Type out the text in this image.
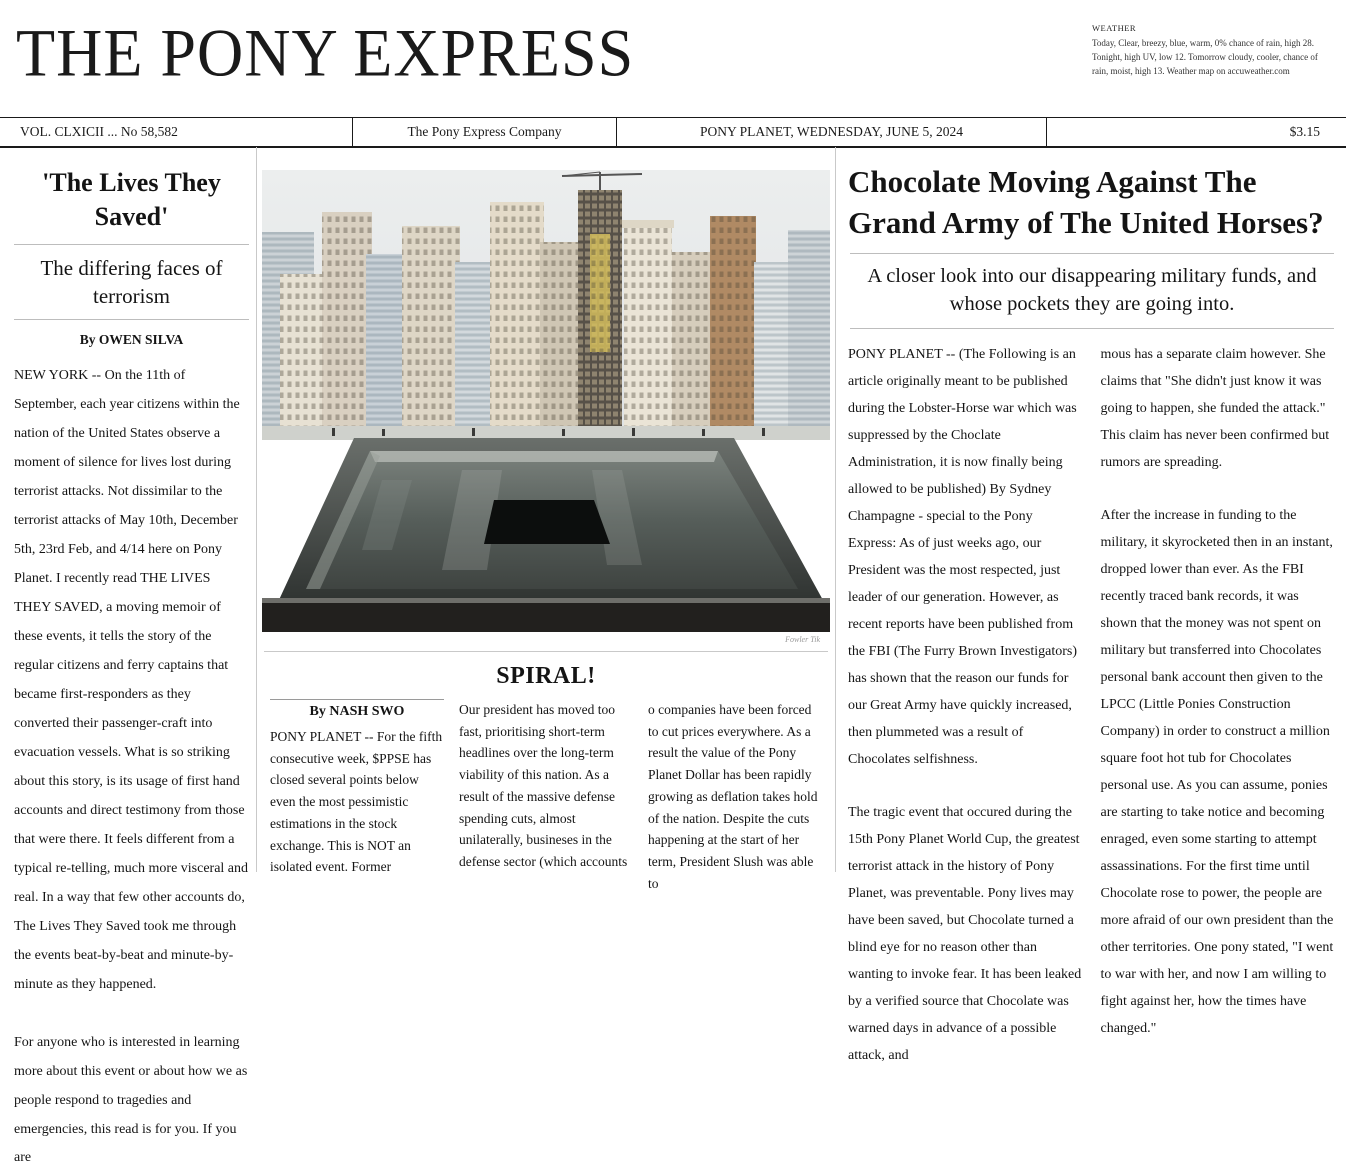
THE PONY EXPRESS	WEATHER
Today, Clear, breezy, blue, warm, 0% chance of rain, high 28. Tonight, high UV, low 12. Tomorrow cloudy, cooler, chance of rain, moist, high 13. Weather map on accuweather.com
VOL. CLXICII ... No 58,582	The Pony Express Company	PONY PLANET, WEDNESDAY, JUNE 5, 2024	$3.15
'The Lives They Saved'
The differing faces of terrorism
By OWEN SILVA

NEW YORK -- On the 11th of September, each year citizens within the nation of the United States observe a moment of silence for lives lost during terrorist attacks. Not dissimilar to the terrorist attacks of May 10th, December 5th, 23rd Feb, and 4/14 here on Pony Planet. I recently read THE LIVES THEY SAVED, a moving memoir of these events, it tells the story of the regular citizens and ferry captains that became first-responders as they converted their passenger-craft into evacuation vessels. What is so striking about this story, is its usage of first hand accounts and direct testimony from those that were there. It feels different from a typical re-telling, much more visceral and real. In a way that few other accounts do, The Lives They Saved took me through the events beat-by-beat and minute-by-minute as they happened.

For anyone who is interested in learning more about this event or about how we as people respond to tragedies and emergencies, this read is for you. If you are

Fowler Tik
SPIRAL!
By NASH SWO

PONY PLANET -- For the fifth consecutive week, $PPSE has closed several points below even the most pessimistic estimations in the stock exchange. This is NOT an isolated event. Former

Our president has moved too fast, prioritising short-term headlines over the long-term viability of this nation. As a result of the massive defense spending cuts, almost unilaterally, busineses in the defense sector (which accounts

o companies have been forced to cut prices everywhere. As a result the value of the Pony Planet Dollar has been rapidly growing as deflation takes hold of the nation. Despite the cuts happening at the start of her term, President Slush was able to

Chocolate Moving Against The Grand Army of The United Horses?
A closer look into our disappearing military funds, and whose pockets they are going into.

PONY PLANET -- (The Following is an article originally meant to be published during the Lobster-Horse war which was suppressed by the Choclate Administration, it is now finally being allowed to be published) By Sydney Champagne - special to the Pony Express: As of just weeks ago, our President was the most respected, just leader of our generation. However, as recent reports have been published from the FBI (The Furry Brown Investigators) has shown that the reason our funds for our Great Army have quickly increased, then plummeted was a result of Chocolates selfishness.

The tragic event that occured during the 15th Pony Planet World Cup, the greatest terrorist attack in the history of Pony Planet, was preventable. Pony lives may have been saved, but Chocolate turned a blind eye for no reason other than wanting to invoke fear. It has been leaked by a verified source that Chocolate was warned days in advance of a possible attack, and

mous has a separate claim however. She claims that "She didn't just know it was going to happen, she funded the attack." This claim has never been confirmed but rumors are spreading.

After the increase in funding to the military, it skyrocketed then in an instant, dropped lower than ever. As the FBI recently traced bank records, it was shown that the money was not spent on military but transferred into Chocolates personal bank account then given to the LPCC (Little Ponies Construction Company) in order to construct a million square foot hot tub for Chocolates personal use. As you can assume, ponies are starting to take notice and becoming enraged, even some starting to attempt assassinations. For the first time until Chocolate rose to power, the people are more afraid of our own president than the other territories. One pony stated, "I went to war with her, and now I am willing to fight against her, how the times have changed."
